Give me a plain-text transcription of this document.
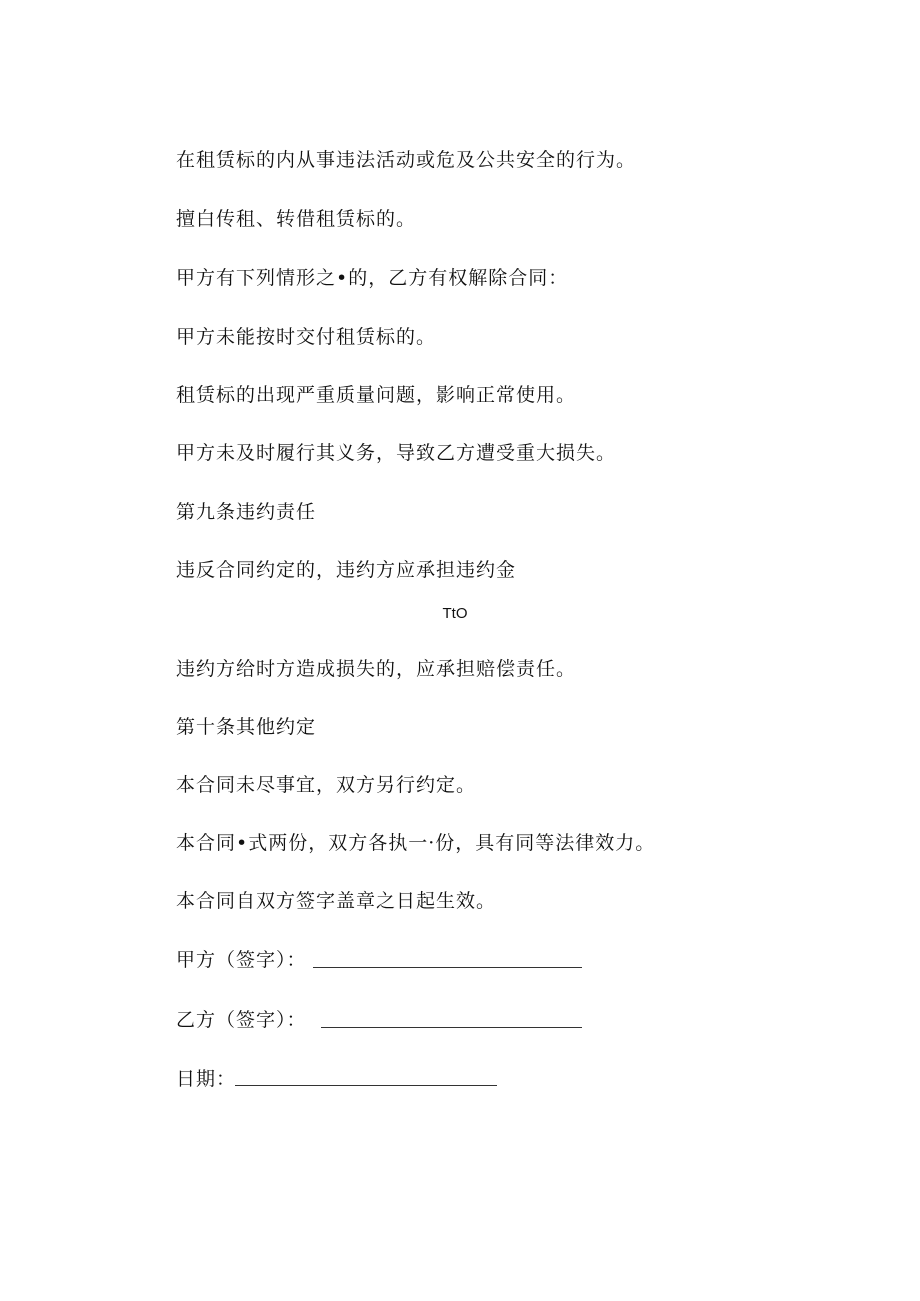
在租赁标的内从事违法活动或危及公共安全的行为。
擅白传租、转借租赁标的。
甲方有下列情形之•的，乙方有权解除合同：
甲方未能按时交付租赁标的。
租赁标的出现严重质量问题，影响正常使用。
甲方未及时履行其义务，导致乙方遭受重大损失。
第九条违约责任
违反合同约定的，违约方应承担违约金
TtO
违约方给时方造成损失的，应承担赔偿责任。
第十条其他约定
本合同未尽事宜，双方另行约定。
本合同•式两份，双方各执一·份，具有同等法律效力。
本合同自双方签字盖章之日起生效。
甲方（签字）：
乙方（签字）：
日期：
